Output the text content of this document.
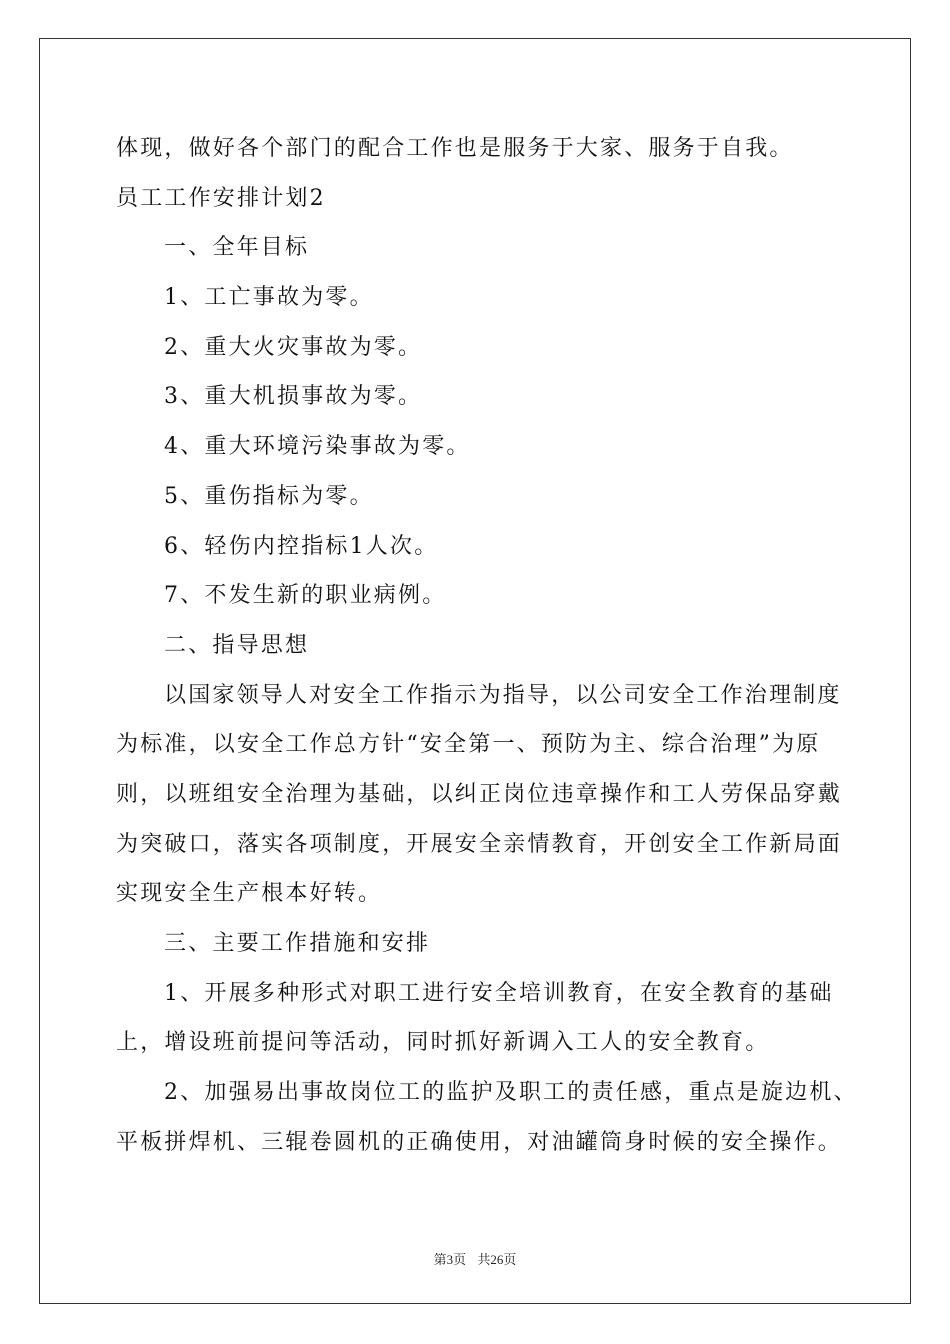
体现，做好各个部门的配合工作也是服务于大家、服务于自我。
员工工作安排计划2
一、全年目标
1、工亡事故为零。
2、重大火灾事故为零。
3、重大机损事故为零。
4、重大环境污染事故为零。
5、重伤指标为零。
6、轻伤内控指标1人次。
7、不发生新的职业病例。
二、指导思想
以国家领导人对安全工作指示为指导，以公司安全工作治理制度
为标准，以安全工作总方针“安全第一、预防为主、综合治理”为原
则，以班组安全治理为基础，以纠正岗位违章操作和工人劳保品穿戴
为突破口，落实各项制度，开展安全亲情教育，开创安全工作新局面
实现安全生产根本好转。
三、主要工作措施和安排
1、开展多种形式对职工进行安全培训教育，在安全教育的基础
上，增设班前提问等活动，同时抓好新调入工人的安全教育。
2、加强易出事故岗位工的监护及职工的责任感，重点是旋边机、
平板拼焊机、三辊卷圆机的正确使用，对油罐筒身时候的安全操作。
第3页 共26页
